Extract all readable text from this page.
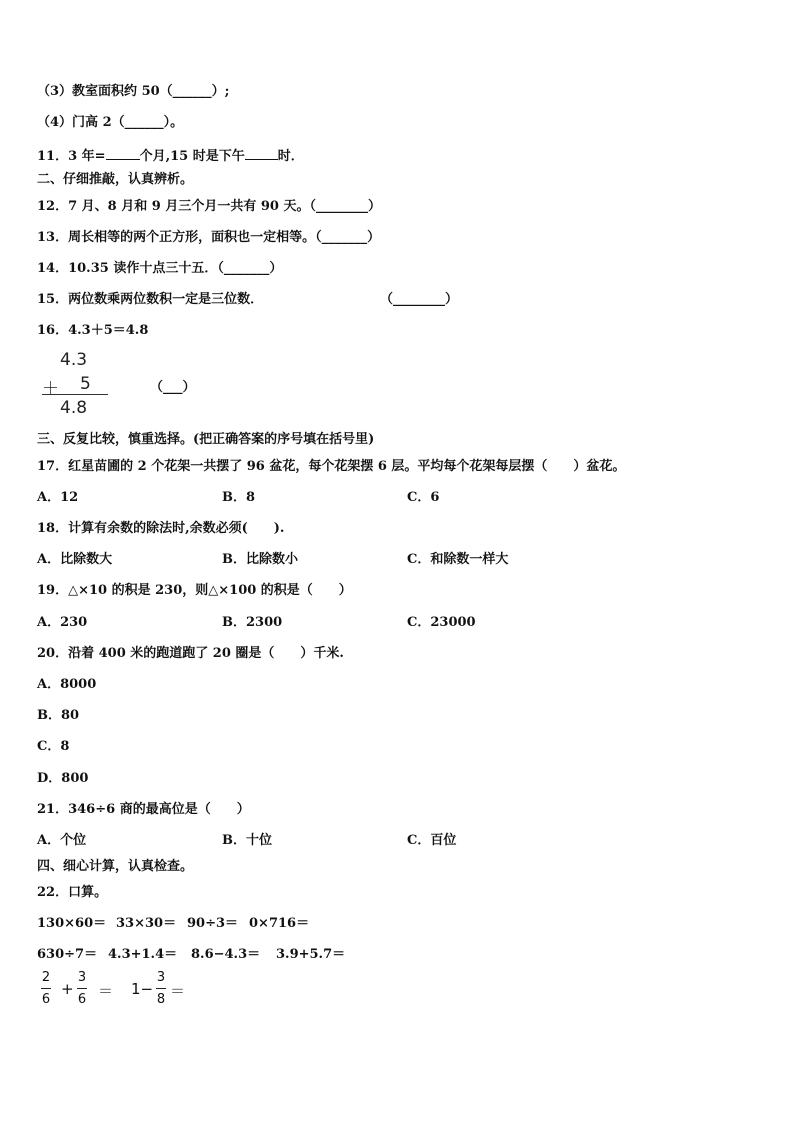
（3）教室面积约 50（______）;
（4）门高 2（______）。
11．3 年=	个月,15 时是下午	时．
二、仔细推敲，认真辨析。
12．7 月、8 月和 9 月三个月一共有 90 天。（________）
13．周长相等的两个正方形，面积也一定相等。（_______）
14．10.35 读作十点三十五．（_______）
15．两位数乘两位数积一定是三位数．	（________）
16．4.3＋5＝4.8
4.3
＋ 5
4.8
（___）
三、反复比较，慎重选择。(把正确答案的序号填在括号里)
17．红星苗圃的 2 个花架一共摆了 96 盆花，每个花架摆 6 层。平均每个花架每层摆（　　）盆花。
A．12	B．8	C．6
18．计算有余数的除法时,余数必须(　　).
A．比除数大	B．比除数小	C．和除数一样大
19．△×10 的积是 230，则△×100 的积是（　　）
A．230	B．2300	C．23000
20．沿着 400 米的跑道跑了 20 圈是（　　）千米.
A．8000
B．80
C．8
D．800
21．346÷6 商的最高位是（　　）
A．个位	B．十位	C．百位
四、细心计算，认真检查。
22．口算。
130×60＝ 33×30＝ 90÷3＝ 0×716＝
630÷7＝ 4.3+1.4＝ 8.6−4.3＝ 3.9+5.7＝
2
6
+
3
6 ＝ 1−
3
8 ＝
